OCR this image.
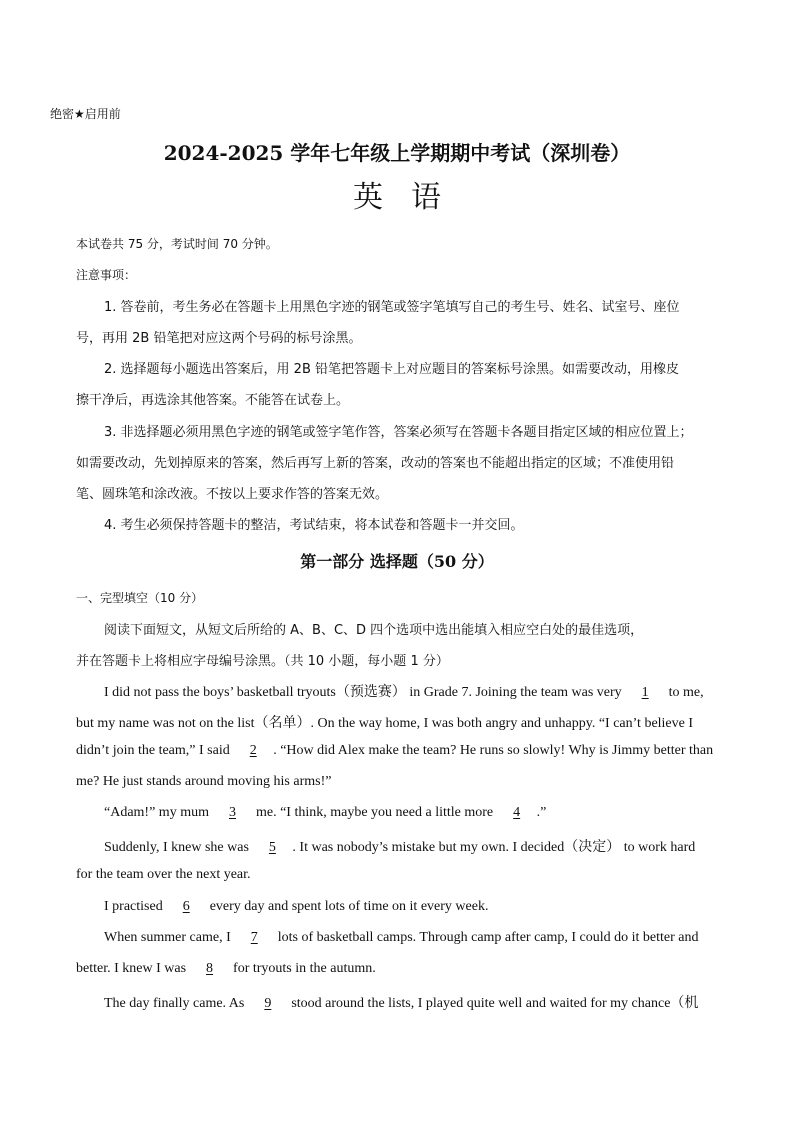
绝密★启用前
2024-2025 学年七年级上学期期中考试（深圳卷）
英语
本试卷共 75 分，考试时间 70 分钟。
注意事项：
1. 答卷前，考生务必在答题卡上用黑色字迹的钢笔或签字笔填写自己的考生号、姓名、试室号、座位
号，再用 2B 铅笔把对应这两个号码的标号涂黑。
2. 选择题每小题选出答案后，用 2B 铅笔把答题卡上对应题目的答案标号涂黑。如需要改动，用橡皮
擦干净后，再选涂其他答案。不能答在试卷上。
3. 非选择题必须用黑色字迹的钢笔或签字笔作答，答案必须写在答题卡各题目指定区域的相应位置上；
如需要改动，先划掉原来的答案，然后再写上新的答案，改动的答案也不能超出指定的区域；不准使用铅
笔、圆珠笔和涂改液。不按以上要求作答的答案无效。
4. 考生必须保持答题卡的整洁，考试结束，将本试卷和答题卡一并交回。
第一部分 选择题（50 分）
一、完型填空（10 分）
阅读下面短文，从短文后所给的 A、B、C、D 四个选项中选出能填入相应空白处的最佳选项，
并在答题卡上将相应字母编号涂黑。（共 10 小题，每小题 1 分）
I did not pass the boys’ basketball tryouts（预选赛） in Grade 7. Joining the team was very 1 to me,
but my name was not on the list（名单）. On the way home, I was both angry and unhappy. “I can’t believe I
didn’t join the team,” I said 2 . “How did Alex make the team? He runs so slowly! Why is Jimmy better than
me? He just stands around moving his arms!”
“Adam!” my mum 3 me. “I think, maybe you need a little more 4 .”
Suddenly, I knew she was 5 . It was nobody’s mistake but my own. I decided（决定） to work hard
for the team over the next year.
I practised 6 every day and spent lots of time on it every week.
When summer came, I 7 lots of basketball camps. Through camp after camp, I could do it better and
better. I knew I was 8 for tryouts in the autumn.
The day finally came. As 9 stood around the lists, I played quite well and waited for my chance（机
